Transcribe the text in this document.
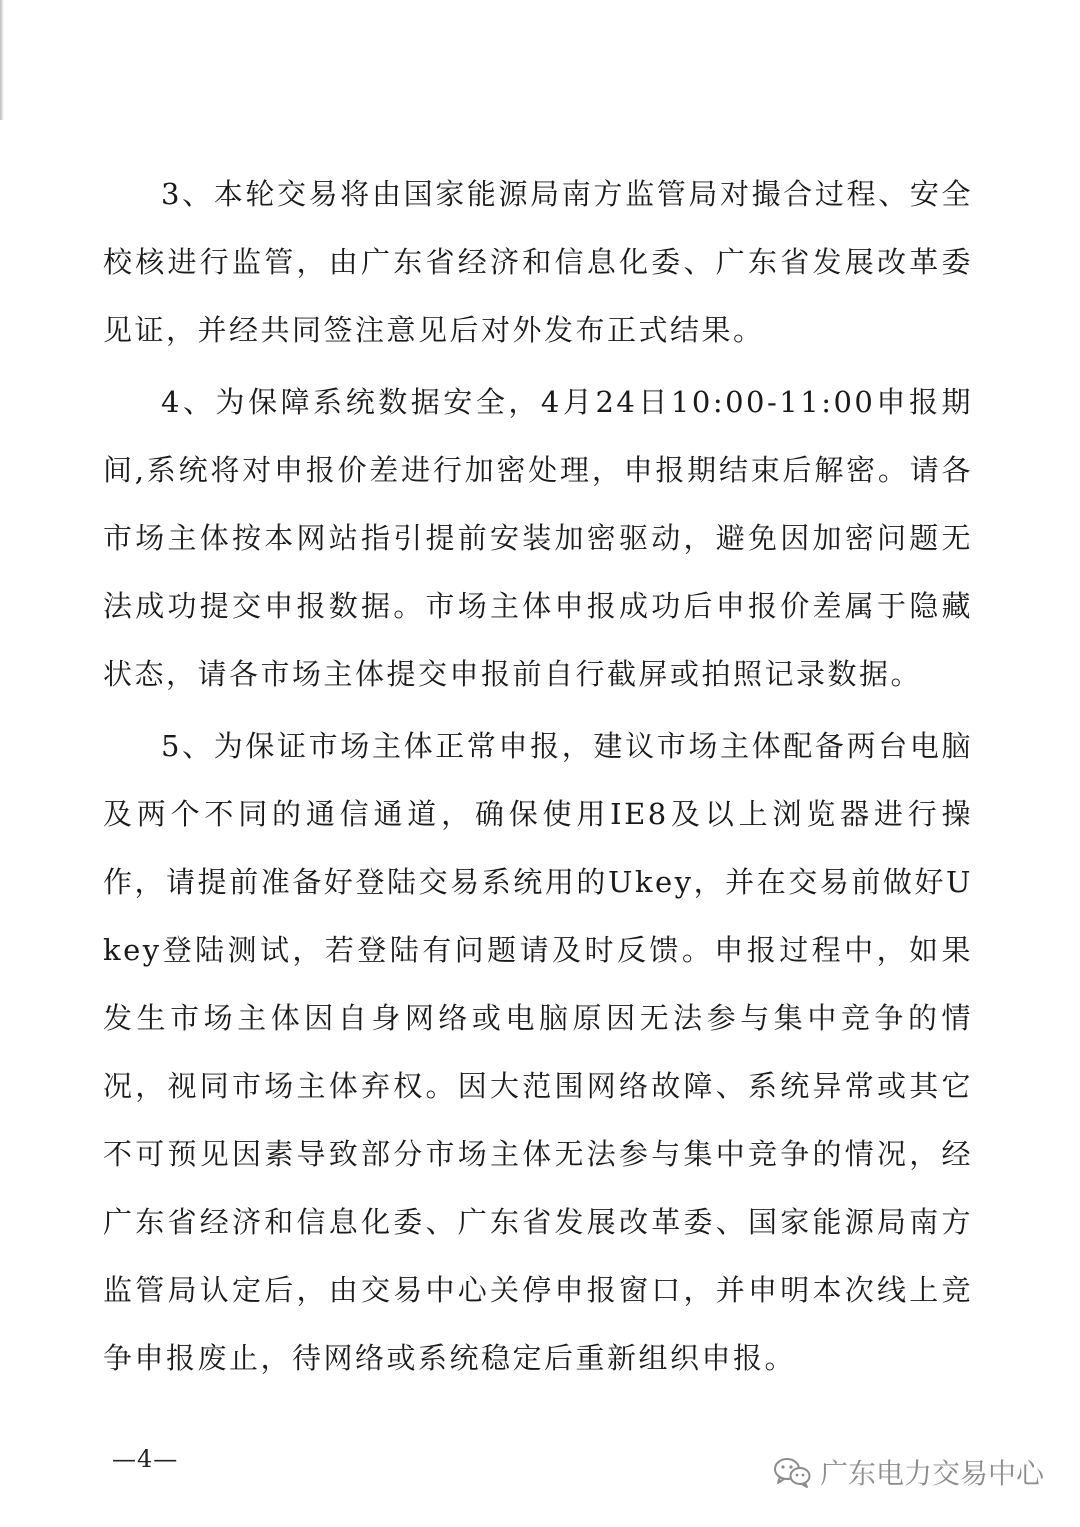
3、本轮交易将由国家能源局南方监管局对撮合过程、安全校核进行监管，由广东省经济和信息化委、广东省发展改革委见证，并经共同签注意见后对外发布正式结果。

4、为保障系统数据安全，4月24日10:00-11:00申报期间,系统将对申报价差进行加密处理，申报期结束后解密。请各市场主体按本网站指引提前安装加密驱动，避免因加密问题无法成功提交申报数据。市场主体申报成功后申报价差属于隐藏状态，请各市场主体提交申报前自行截屏或拍照记录数据。

5、为保证市场主体正常申报，建议市场主体配备两台电脑及两个不同的通信通道，确保使用IE8及以上浏览器进行操作，请提前准备好登陆交易系统用的Ukey，并在交易前做好Ukey登陆测试，若登陆有问题请及时反馈。申报过程中，如果发生市场主体因自身网络或电脑原因无法参与集中竞争的情况，视同市场主体弃权。因大范围网络故障、系统异常或其它不可预见因素导致部分市场主体无法参与集中竞争的情况，经广东省经济和信息化委、广东省发展改革委、国家能源局南方监管局认定后，由交易中心关停申报窗口，并申明本次线上竞争申报废止，待网络或系统稳定后重新组织申报。

—4—	广东电力交易中心
